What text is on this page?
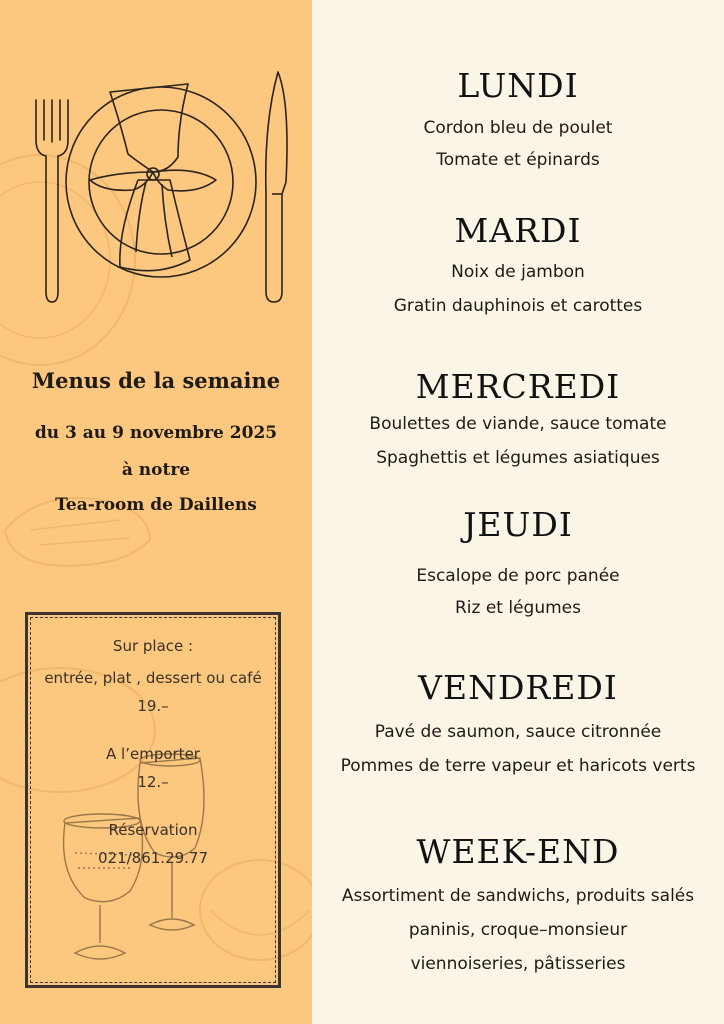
Menus de la semaine
du 3 au 9 novembre 2025
à notre
Tea-room de Daillens
Sur place :
entrée, plat , dessert ou café
19.–
A l’emporter
12.–
Réservation
021/861.29.77
LUNDI
Cordon bleu de poulet
Tomate et épinards
MARDI
Noix de jambon
Gratin dauphinois et carottes
MERCREDI
Boulettes de viande, sauce tomate
Spaghettis et légumes asiatiques
JEUDI
Escalope de porc panée
Riz et légumes
VENDREDI
Pavé de saumon, sauce citronnée
Pommes de terre vapeur et haricots verts
WEEK-END
Assortiment de sandwichs, produits salés
paninis, croque–monsieur
viennoiseries, pâtisseries
